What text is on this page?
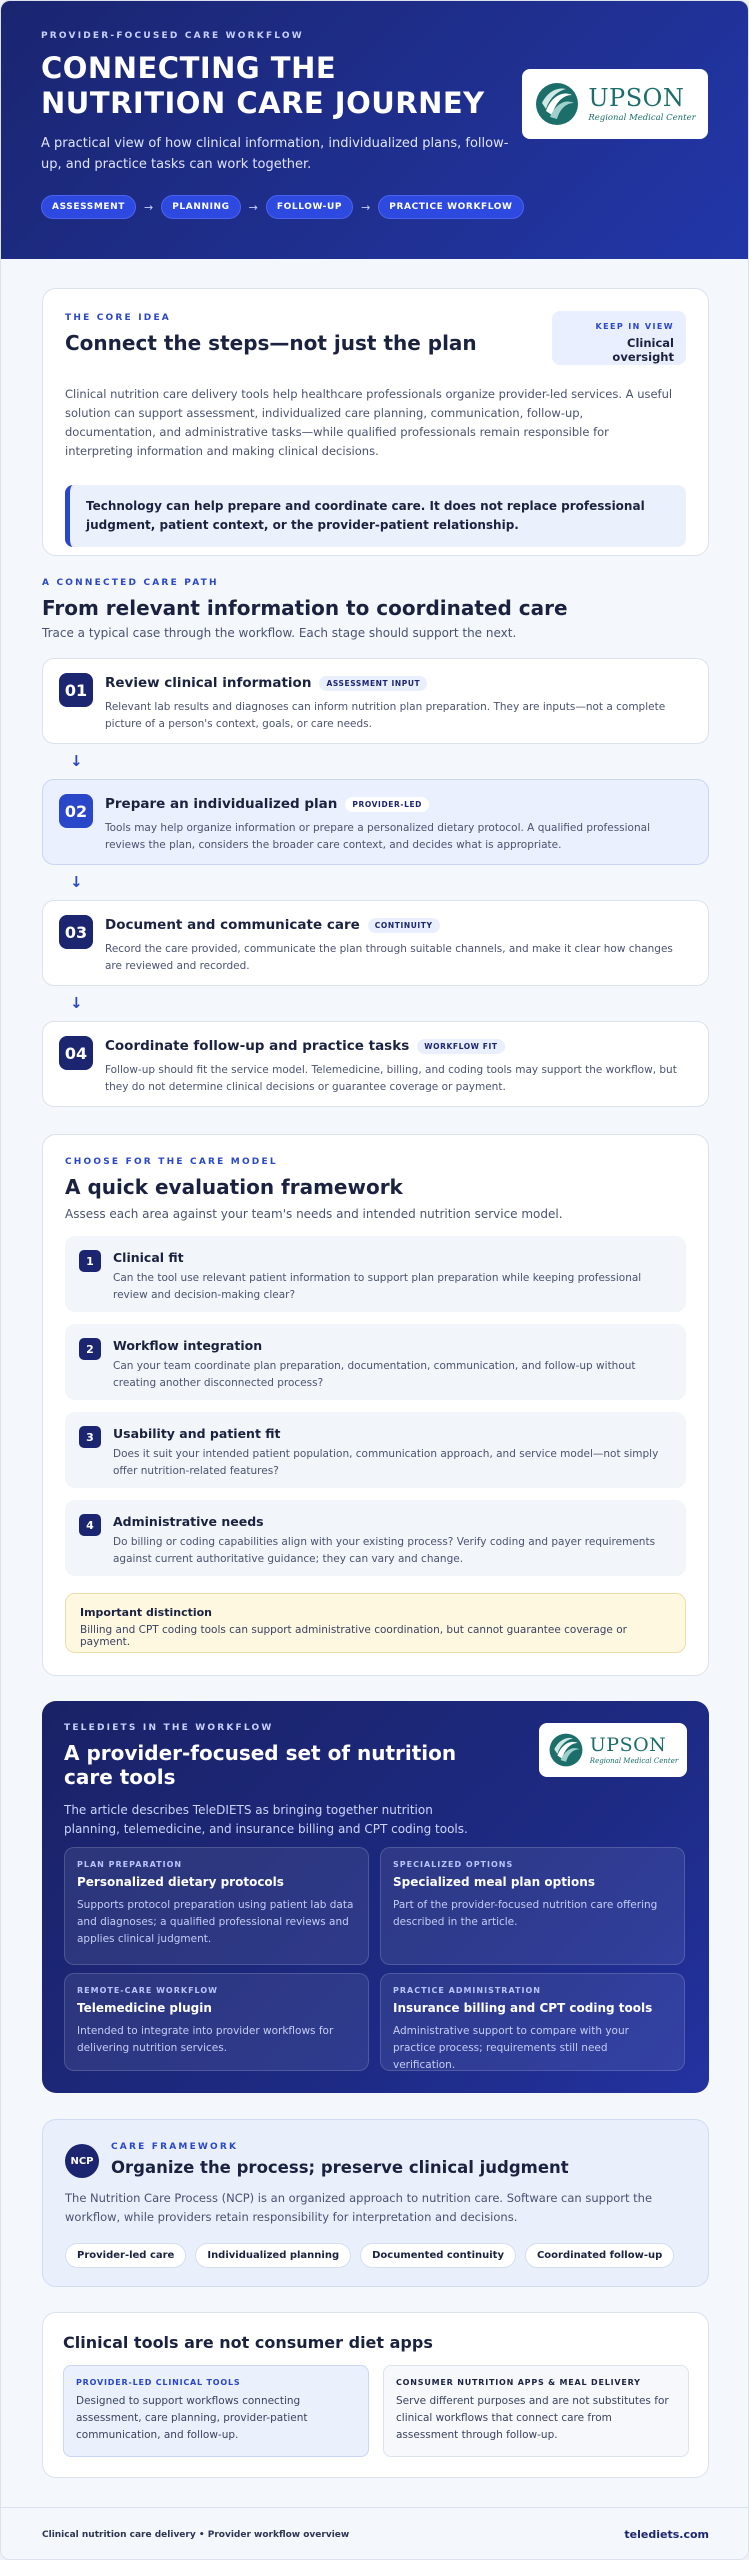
PROVIDER-FOCUSED CARE WORKFLOW
CONNECTING THE NUTRITION CARE JOURNEY

A practical view of how clinical information, individualized plans, follow-up, and practice tasks can work together.

ASSESSMENT	→	PLANNING	→	FOLLOW-UP	→	PRACTICE WORKFLOW
UPSON
Regional Medical Center
THE CORE IDEA
Connect the steps—not just the plan
KEEP IN VIEW
Clinical oversight

Clinical nutrition care delivery tools help healthcare professionals organize provider-led services. A useful solution can support assessment, individualized care planning, communication, follow-up, documentation, and administrative tasks—while qualified professionals remain responsible for interpreting information and making clinical decisions.

Technology can help prepare and coordinate care. It does not replace professional judgment, patient context, or the provider-patient relationship.
A CONNECTED CARE PATH
From relevant information to coordinated care

Trace a typical case through the workflow. Each stage should support the next.

01	Review clinical information	ASSESSMENT INPUT

Relevant lab results and diagnoses can inform nutrition plan preparation. They are inputs—not a complete picture of a person's context, goals, or care needs.

↓
02	Prepare an individualized plan	PROVIDER-LED

Tools may help organize information or prepare a personalized dietary protocol. A qualified professional reviews the plan, considers the broader care context, and decides what is appropriate.

↓
03	Document and communicate care	CONTINUITY

Record the care provided, communicate the plan through suitable channels, and make it clear how changes are reviewed and recorded.

↓
04	Coordinate follow-up and practice tasks	WORKFLOW FIT

Follow-up should fit the service model. Telemedicine, billing, and coding tools may support the workflow, but they do not determine clinical decisions or guarantee coverage or payment.

CHOOSE FOR THE CARE MODEL
A quick evaluation framework

Assess each area against your team's needs and intended nutrition service model.

1	Clinical fit

Can the tool use relevant patient information to support plan preparation while keeping professional review and decision-making clear?

2	Workflow integration

Can your team coordinate plan preparation, documentation, communication, and follow-up without creating another disconnected process?

3	Usability and patient fit

Does it suit your intended patient population, communication approach, and service model—not simply offer nutrition-related features?

4	Administrative needs

Do billing or coding capabilities align with your existing process? Verify coding and payer requirements against current authoritative guidance; they can vary and change.

Important distinction

Billing and CPT coding tools can support administrative coordination, but cannot guarantee coverage or payment.

TELEDIETS IN THE WORKFLOW
A provider-focused set of nutrition care tools

The article describes TeleDIETS as bringing together nutrition planning, telemedicine, and insurance billing and CPT coding tools.

UPSON
Regional Medical Center
PLAN PREPARATION
Personalized dietary protocols

Supports protocol preparation using patient lab data and diagnoses; a qualified professional reviews and applies clinical judgment.

SPECIALIZED OPTIONS
Specialized meal plan options

Part of the provider-focused nutrition care offering described in the article.

REMOTE-CARE WORKFLOW
Telemedicine plugin

Intended to integrate into provider workflows for delivering nutrition services.

PRACTICE ADMINISTRATION
Insurance billing and CPT coding tools

Administrative support to compare with your practice process; requirements still need verification.

NCP
CARE FRAMEWORK
Organize the process; preserve clinical judgment

The Nutrition Care Process (NCP) is an organized approach to nutrition care. Software can support the workflow, while providers retain responsibility for interpretation and decisions.

Provider-led care	Individualized planning	Documented continuity	Coordinated follow-up
Clinical tools are not consumer diet apps
PROVIDER-LED CLINICAL TOOLS

Designed to support workflows connecting assessment, care planning, provider-patient communication, and follow-up.

CONSUMER NUTRITION APPS & MEAL DELIVERY

Serve different purposes and are not substitutes for clinical workflows that connect care from assessment through follow-up.

Clinical nutrition care delivery • Provider workflow overview	telediets.com
